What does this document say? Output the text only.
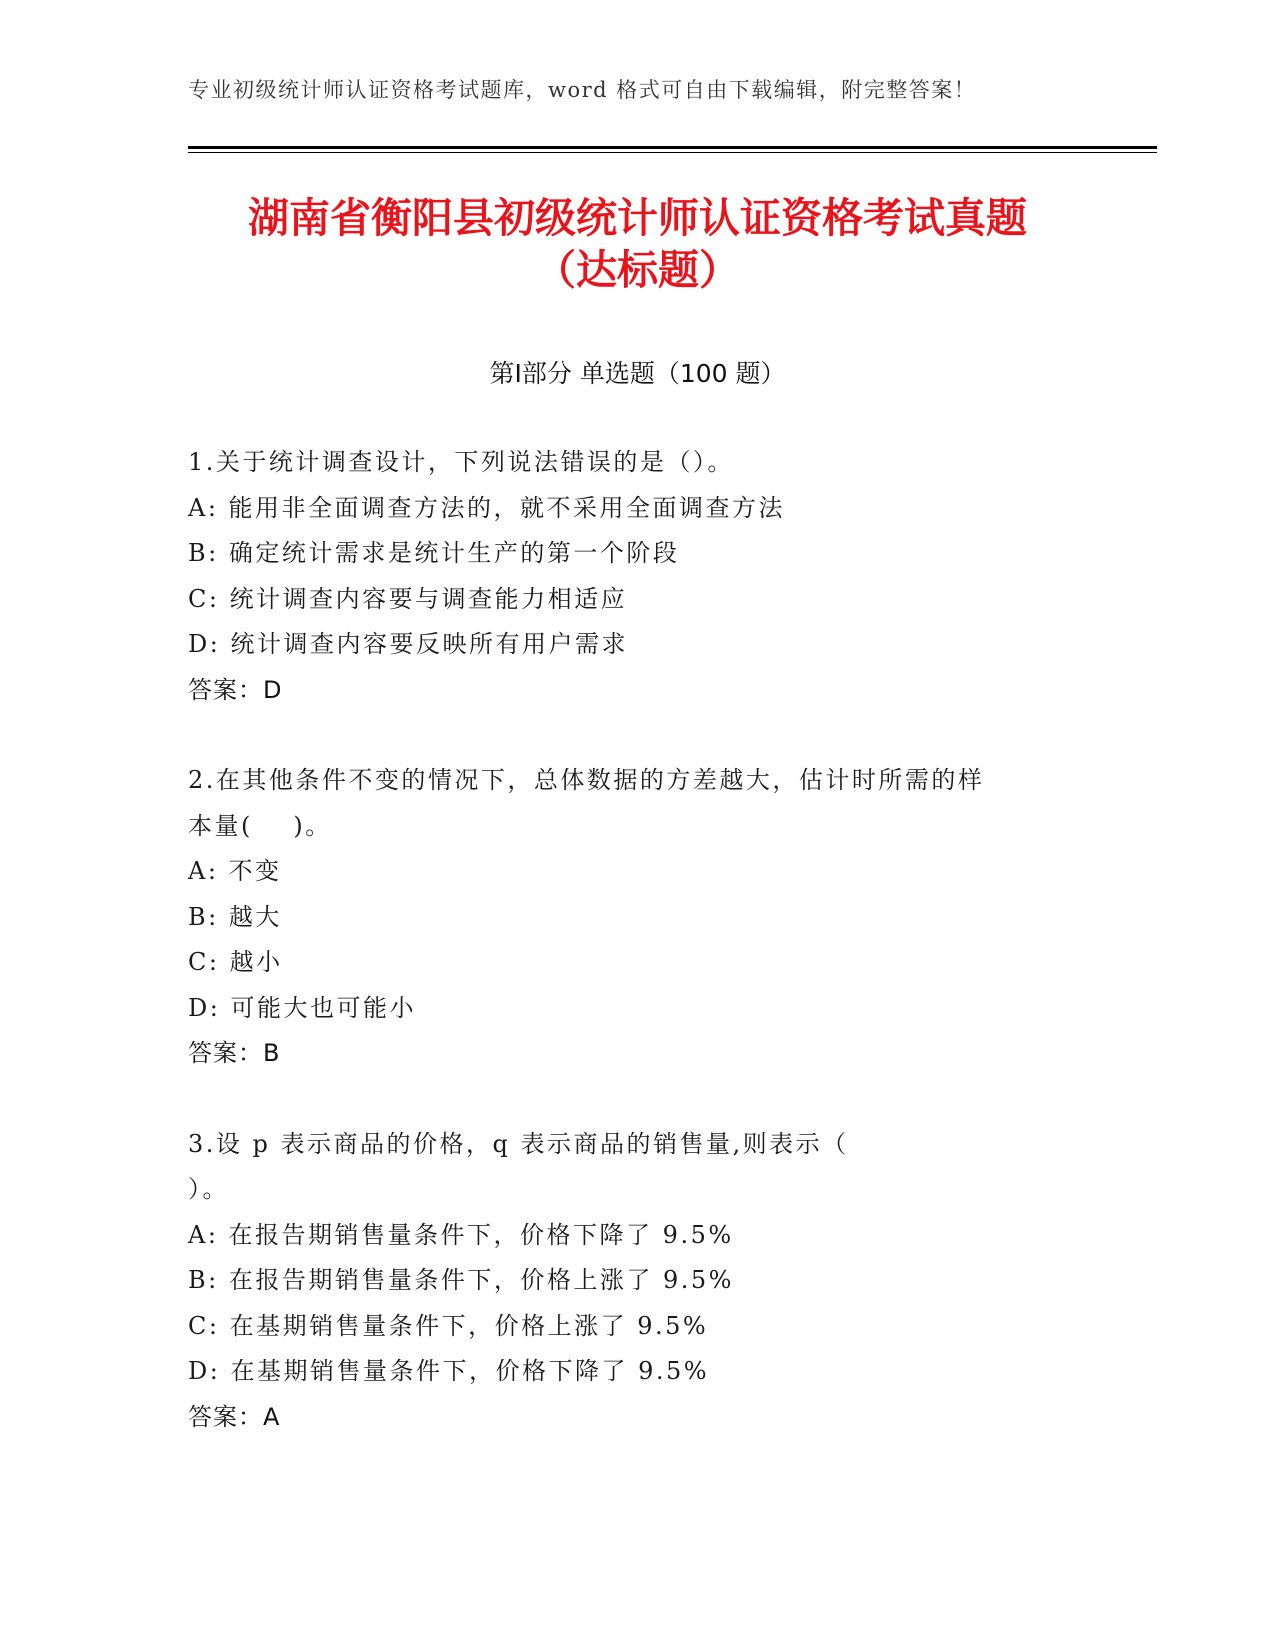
专业初级统计师认证资格考试题库，word 格式可自由下载编辑，附完整答案！
湖南省衡阳县初级统计师认证资格考试真题
（达标题）
第Ⅰ部分 单选题（100 题）
1.关于统计调查设计，下列说法错误的是（）。
A: 能用非全面调查方法的，就不采用全面调查方法
B: 确定统计需求是统计生产的第一个阶段
C: 统计调查内容要与调查能力相适应
D: 统计调查内容要反映所有用户需求
答案：D
2.在其他条件不变的情况下，总体数据的方差越大，估计时所需的样
本量(    )。
A: 不变
B: 越大
C: 越小
D: 可能大也可能小
答案：B
3.设 p 表示商品的价格，q 表示商品的销售量,则表示（
）。
A: 在报告期销售量条件下，价格下降了 9.5%
B: 在报告期销售量条件下，价格上涨了 9.5%
C: 在基期销售量条件下，价格上涨了 9.5%
D: 在基期销售量条件下，价格下降了 9.5%
答案：A
